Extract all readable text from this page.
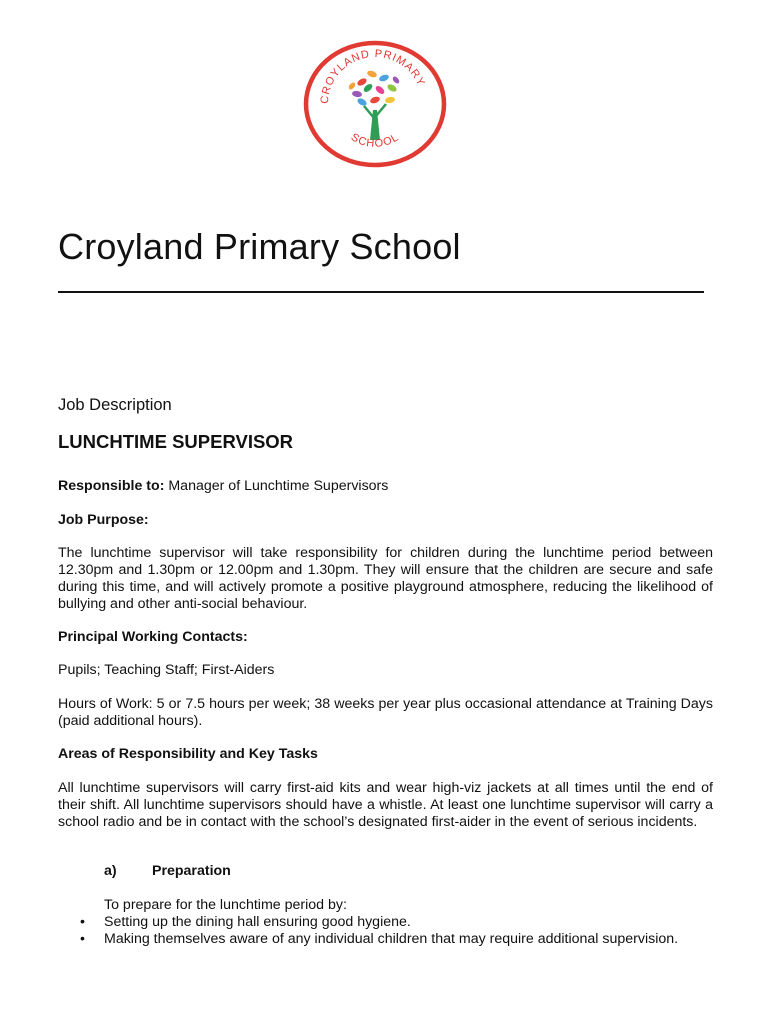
CROYLAND PRIMARY
SCHOOL
Croyland Primary School
Job Description
LUNCHTIME SUPERVISOR
Responsible to: Manager of Lunchtime Supervisors
Job Purpose:
The lunchtime supervisor will take responsibility for children during the lunchtime period between 12.30pm and 1.30pm or 12.00pm and 1.30pm. They will ensure that the children are secure and safe during this time, and will actively promote a positive playground atmosphere, reducing the likelihood of bullying and other anti-social behaviour.
Principal Working Contacts:
Pupils; Teaching Staff; First-Aiders
Hours of Work: 5 or 7.5 hours per week; 38 weeks per year plus occasional attendance at Training Days (paid additional hours).
Areas of Responsibility and Key Tasks
All lunchtime supervisors will carry first-aid kits and wear high-viz jackets at all times until the end of their shift. All lunchtime supervisors should have a whistle. At least one lunchtime supervisor will carry a school radio and be in contact with the school’s designated first-aider in the event of serious incidents.
a) Preparation
To prepare for the lunchtime period by:
• Setting up the dining hall ensuring good hygiene.
• Making themselves aware of any individual children that may require additional supervision.
